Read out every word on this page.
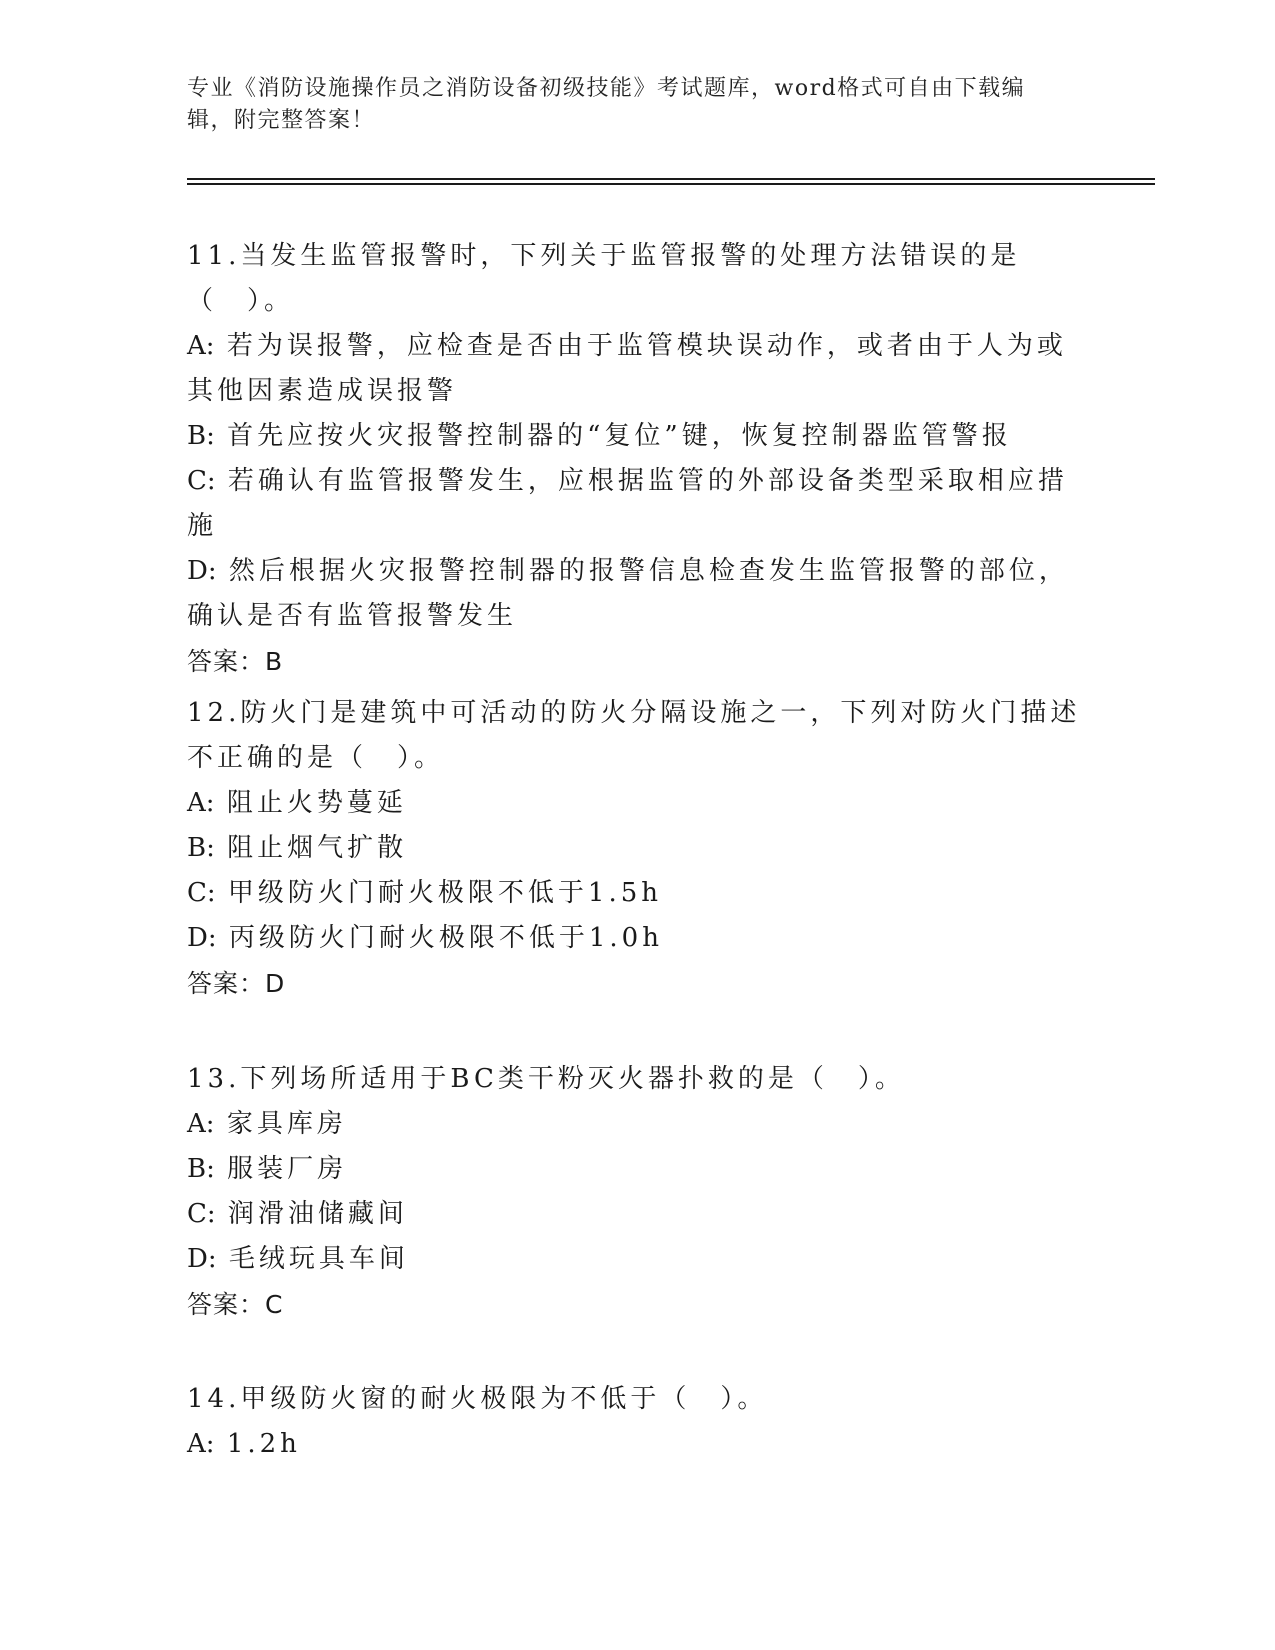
专业《消防设施操作员之消防设备初级技能》考试题库，word格式可自由下载编辑，附完整答案！

11.当发生监管报警时，下列关于监管报警的处理方法错误的是（　）。

A: 若为误报警，应检查是否由于监管模块误动作，或者由于人为或其他因素造成误报警

B: 首先应按火灾报警控制器的“复位”键，恢复控制器监管警报

C: 若确认有监管报警发生，应根据监管的外部设备类型采取相应措施

D: 然后根据火灾报警控制器的报警信息检查发生监管报警的部位，确认是否有监管报警发生

答案：B

12.防火门是建筑中可活动的防火分隔设施之一，下列对防火门描述不正确的是（　）。

A: 阻止火势蔓延

B: 阻止烟气扩散

C: 甲级防火门耐火极限不低于1.5h

D: 丙级防火门耐火极限不低于1.0h

答案：D

13.下列场所适用于BC类干粉灭火器扑救的是（　）。

A: 家具库房

B: 服装厂房

C: 润滑油储藏间

D: 毛绒玩具车间

答案：C

14.甲级防火窗的耐火极限为不低于（　）。

A: 1.2h
